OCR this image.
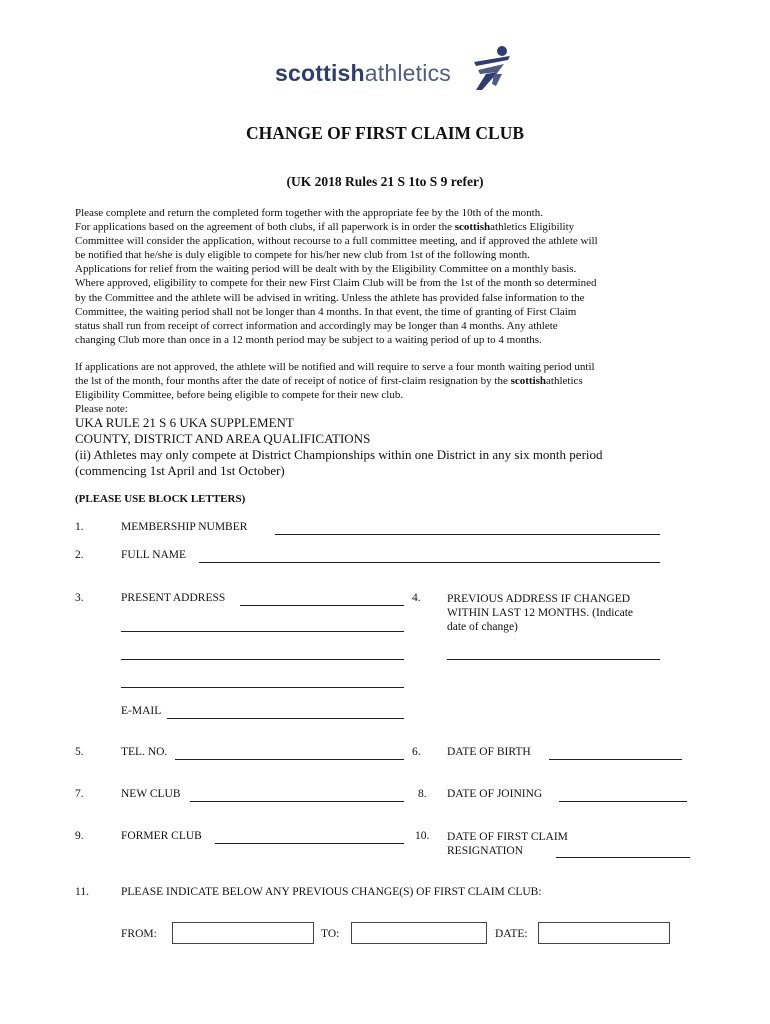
scottishathletics
CHANGE OF FIRST CLAIM CLUB
(UK 2018 Rules 21 S 1to S 9 refer)
Please complete and return the completed form together with the appropriate fee by the 10th of the month.
For applications based on the agreement of both clubs, if all paperwork is in order the scottishathletics Eligibility
Committee will consider the application, without recourse to a full committee meeting, and if approved the athlete will
be notified that he/she is duly eligible to compete for his/her new club from 1st of the following month.
Applications for relief from the waiting period will be dealt with by the Eligibility Committee on a monthly basis.
Where approved, eligibility to compete for their new First Claim Club will be from the 1st of the month so determined
by the Committee and the athlete will be advised in writing. Unless the athlete has provided false information to the
Committee, the waiting period shall not be longer than 4 months. In that event, the time of granting of First Claim
status shall run from receipt of correct information and accordingly may be longer than 4 months. Any athlete
changing Club more than once in a 12 month period may be subject to a waiting period of up to 4 months.
If applications are not approved, the athlete will be notified and will require to serve a four month waiting period until
the lst of the month, four months after the date of receipt of notice of first-claim resignation by the scottishathletics
Eligibility Committee, before being eligible to compete for their new club.
Please note:
UKA RULE 21 S 6 UKA SUPPLEMENT
COUNTY, DISTRICT AND AREA QUALIFICATIONS
(ii) Athletes may only compete at District Championships within one District in any six month period
(commencing 1st April and 1st October)
(PLEASE USE BLOCK LETTERS)
1.	MEMBERSHIP NUMBER
2.	FULL NAME
3.	PRESENT ADDRESS	4. PREVIOUS ADDRESS IF CHANGED
WITHIN LAST 12 MONTHS. (Indicate
date of change)
E-MAIL
5.	TEL. NO.	6. DATE OF BIRTH
7.	NEW CLUB	8. DATE OF JOINING
9.	FORMER CLUB	10. DATE OF FIRST CLAIM
RESIGNATION
11.	PLEASE INDICATE BELOW ANY PREVIOUS CHANGE(S) OF FIRST CLAIM CLUB:
FROM:	TO:	DATE:
